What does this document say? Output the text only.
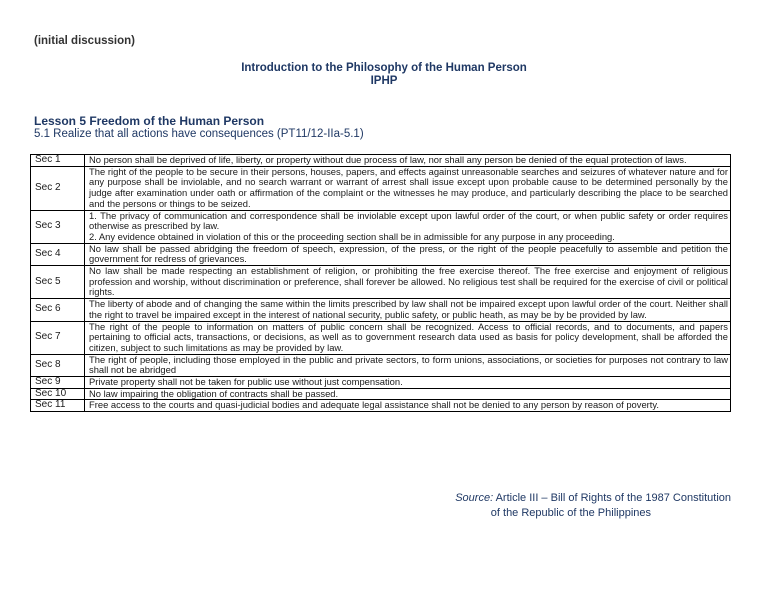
(initial discussion)
Introduction to the Philosophy of the Human Person
IPHP
Lesson 5 Freedom of the Human Person
5.1 Realize that all actions have consequences (PT11/12-IIa-5.1)
Sec 1	No person shall be deprived of life, liberty, or property without due process of law, nor shall any person be denied of the equal protection of laws.
Sec 2	The right of the people to be secure in their persons, houses, papers, and effects against unreasonable searches and seizures of whatever nature and for any purpose shall be inviolable, and no search warrant or warrant of arrest shall issue except upon probable cause to be determined personally by the judge after examination under oath or affirmation of the complaint or the witnesses he may produce, and particularly describing the place to be searched and the persons or things to be seized.
Sec 3	1. The privacy of communication and correspondence shall be inviolable except upon lawful order of the court, or when public safety or order requires otherwise as prescribed by law.
2. Any evidence obtained in violation of this or the proceeding section shall be in admissible for any purpose in any proceeding.

Sec 4	No law shall be passed abridging the freedom of speech, expression, of the press, or the right of the people peacefully to assemble and petition the government for redress of grievances.
Sec 5	No law shall be made respecting an establishment of religion, or prohibiting the free exercise thereof. The free exercise and enjoyment of religious profession and worship, without discrimination or preference, shall forever be allowed. No religious test shall be required for the exercise of civil or political rights.
Sec 6	The liberty of abode and of changing the same within the limits prescribed by law shall not be impaired except upon lawful order of the court. Neither shall the right to travel be impaired except in the interest of national security, public safety, or public heath, as may be by be provided by law.
Sec 7	The right of the people to information on matters of public concern shall be recognized. Access to official records, and to documents, and papers pertaining to official acts, transactions, or decisions, as well as to government research data used as basis for policy development, shall be afforded the citizen, subject to such limitations as may be provided by law.
Sec 8	The right of people, including those employed in the public and private sectors, to form unions, associations, or societies for purposes not contrary to law shall not be abridged
Sec 9	Private property shall not be taken for public use without just compensation.
Sec 10	No law impairing the obligation of contracts shall be passed.
Sec 11	Free access to the courts and quasi-judicial bodies and adequate legal assistance shall not be denied to any person by reason of poverty.
Source: Article III – Bill of Rights of the 1987 Constitution
of the Republic of the Philippines
